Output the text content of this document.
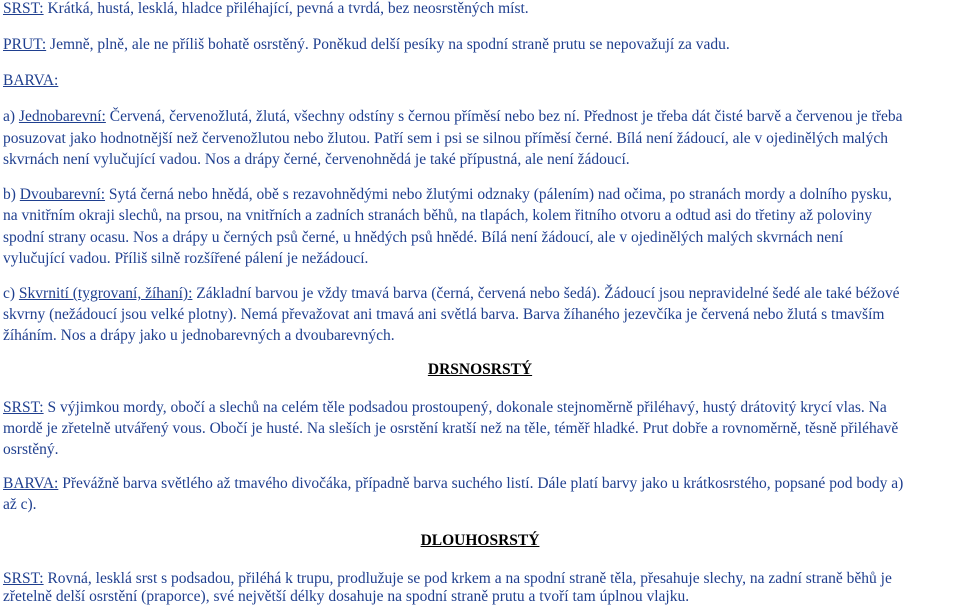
SRST: Krátká, hustá, lesklá, hladce přiléhající, pevná a tvrdá, bez neosrstěných míst.

PRUT: Jemně, plně, ale ne příliš bohatě osrstěný. Poněkud delší pesíky na spodní straně prutu se nepovažují za vadu.

BARVA:

a) Jednobarevní: Červená, červenožlutá, žlutá, všechny odstíny s černou příměsí nebo bez ní. Přednost je třeba dát čisté barvě a červenou je třeba

posuzovat jako hodnotnější než červenožlutou nebo žlutou. Patří sem i psi se silnou příměsí černé. Bílá není žádoucí, ale v ojedinělých malých

skvrnách není vylučující vadou. Nos a drápy černé, červenohnědá je také přípustná, ale není žádoucí.

b) Dvoubarevní: Sytá černá nebo hnědá, obě s rezavohnědými nebo žlutými odznaky (pálením) nad očima, po stranách mordy a dolního pysku,

na vnitřním okraji slechů, na prsou, na vnitřních a zadních stranách běhů, na tlapách, kolem řitního otvoru a odtud asi do třetiny až poloviny

spodní strany ocasu. Nos a drápy u černých psů černé, u hnědých psů hnědé. Bílá není žádoucí, ale v ojedinělých malých skvrnách není

vylučující vadou. Příliš silně rozšířené pálení je nežádoucí.

c) Skvrnití (tygrovaní, žíhaní): Základní barvou je vždy tmavá barva (černá, červená nebo šedá). Žádoucí jsou nepravidelné šedé ale také béžové

skvrny (nežádoucí jsou velké plotny). Nemá převažovat ani tmavá ani světlá barva. Barva žíhaného jezevčíka je červená nebo žlutá s tmavším

žíháním. Nos a drápy jako u jednobarevných a dvoubarevných.

DRSNOSRSTÝ

SRST: S výjimkou mordy, obočí a slechů na celém těle podsadou prostoupený, dokonale stejnoměrně přiléhavý, hustý drátovitý krycí vlas. Na

mordě je zřetelně utvářený vous. Obočí je husté. Na sleších je osrstění kratší než na těle, téměř hladké. Prut dobře a rovnoměrně, těsně přiléhavě

osrstěný.

BARVA: Převážně barva světlého až tmavého divočáka, případně barva suchého listí. Dále platí barvy jako u krátkosrstého, popsané pod body a)

až c).

DLOUHOSRSTÝ

SRST: Rovná, lesklá srst s podsadou, přiléhá k trupu, prodlužuje se pod krkem a na spodní straně těla, přesahuje slechy, na zadní straně běhů je

zřetelně delší osrstění (praporce), své největší délky dosahuje na spodní straně prutu a tvoří tam úplnou vlajku.
